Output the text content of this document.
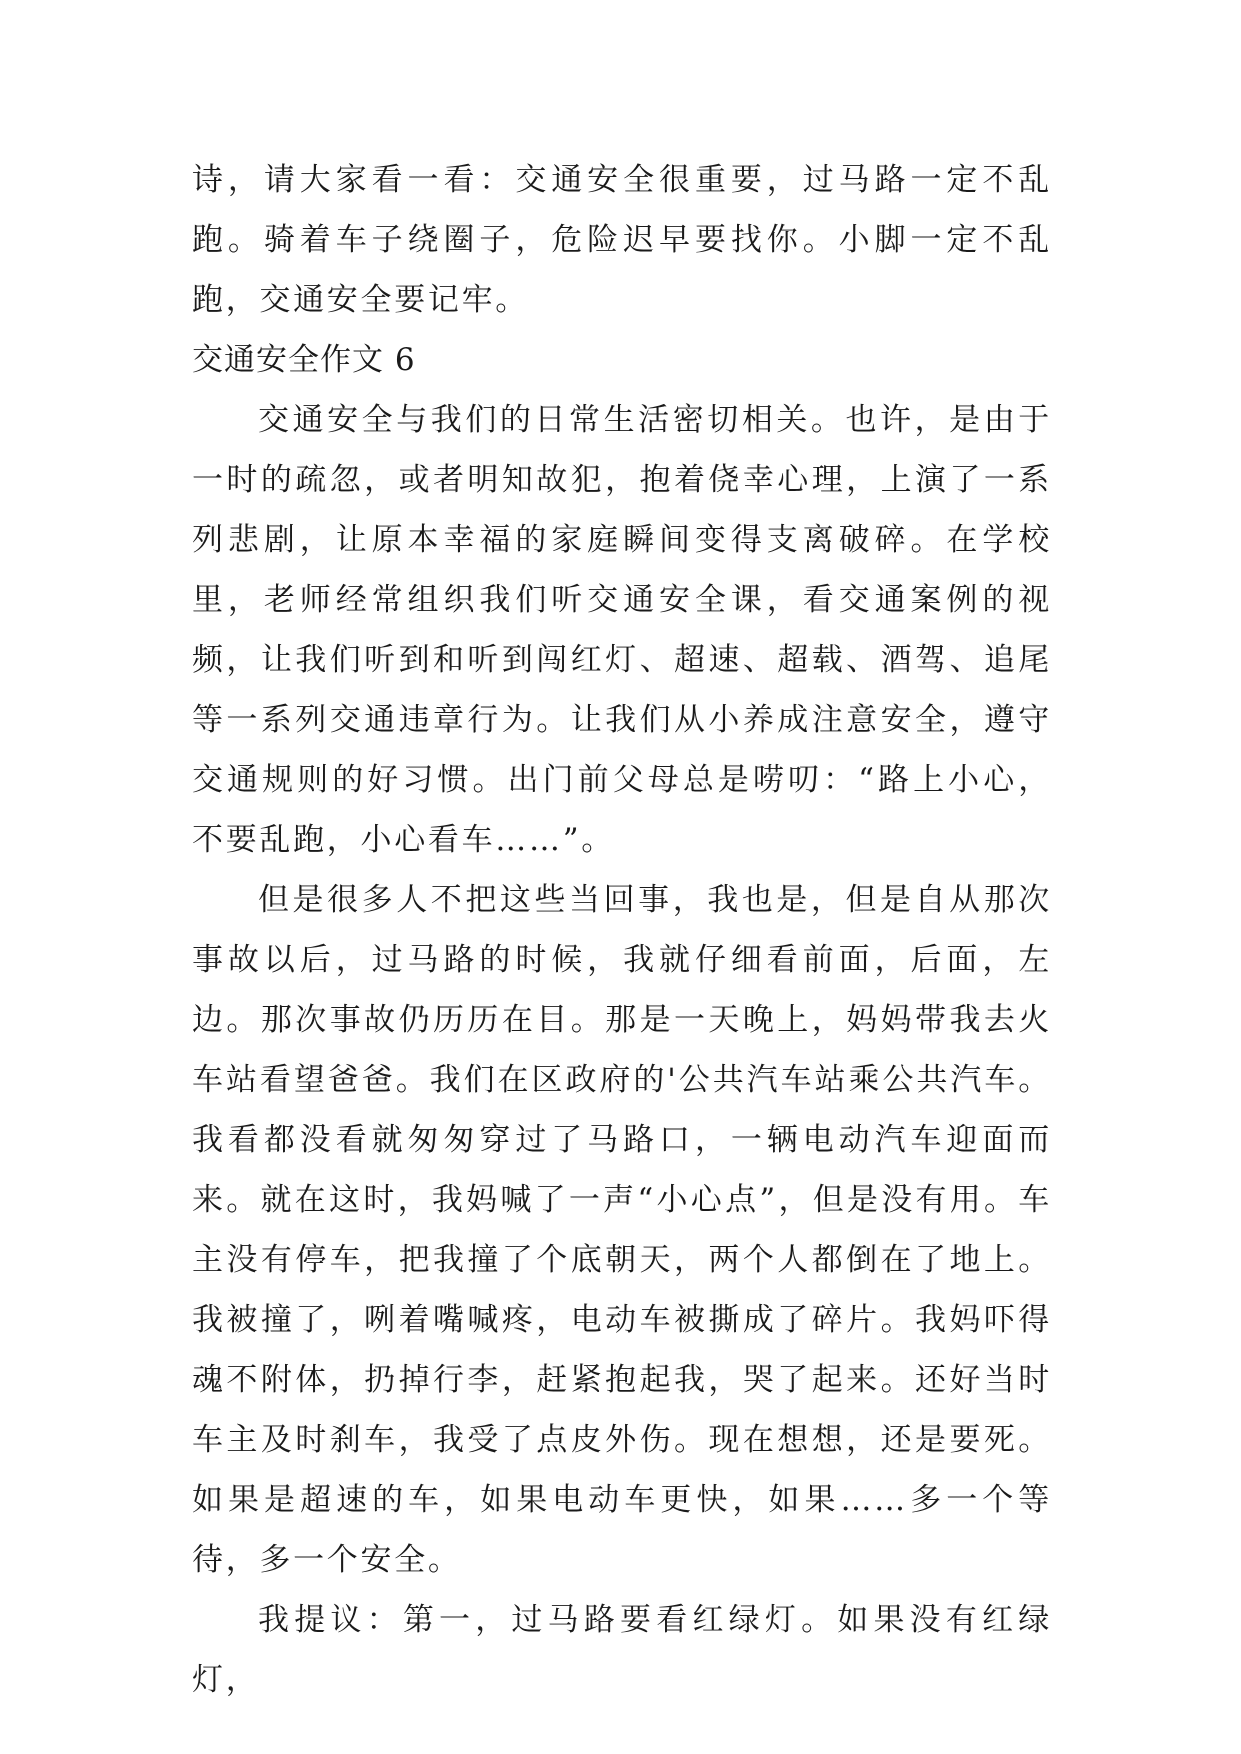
诗，请大家看一看：交通安全很重要，过马路一定不乱跑。骑着车子绕圈子，危险迟早要找你。小脚一定不乱跑，交通安全要记牢。

交通安全作文 6

交通安全与我们的日常生活密切相关。也许，是由于一时的疏忽，或者明知故犯，抱着侥幸心理，上演了一系列悲剧，让原本幸福的家庭瞬间变得支离破碎。在学校里，老师经常组织我们听交通安全课，看交通案例的视频，让我们听到和听到闯红灯、超速、超载、酒驾、追尾等一系列交通违章行为。让我们从小养成注意安全，遵守交通规则的好习惯。出门前父母总是唠叨：“路上小心，不要乱跑，小心看车……”。

但是很多人不把这些当回事，我也是，但是自从那次事故以后，过马路的时候，我就仔细看前面，后面，左边。那次事故仍历历在目。那是一天晚上，妈妈带我去火车站看望爸爸。我们在区政府的'公共汽车站乘公共汽车。我看都没看就匆匆穿过了马路口，一辆电动汽车迎面而来。就在这时，我妈喊了一声“小心点”，但是没有用。车主没有停车，把我撞了个底朝天，两个人都倒在了地上。我被撞了，咧着嘴喊疼，电动车被撕成了碎片。我妈吓得魂不附体，扔掉行李，赶紧抱起我，哭了起来。还好当时车主及时刹车，我受了点皮外伤。现在想想，还是要死。如果是超速的车，如果电动车更快，如果……多一个等待，多一个安全。

我提议：第一，过马路要看红绿灯。如果没有红绿灯，
